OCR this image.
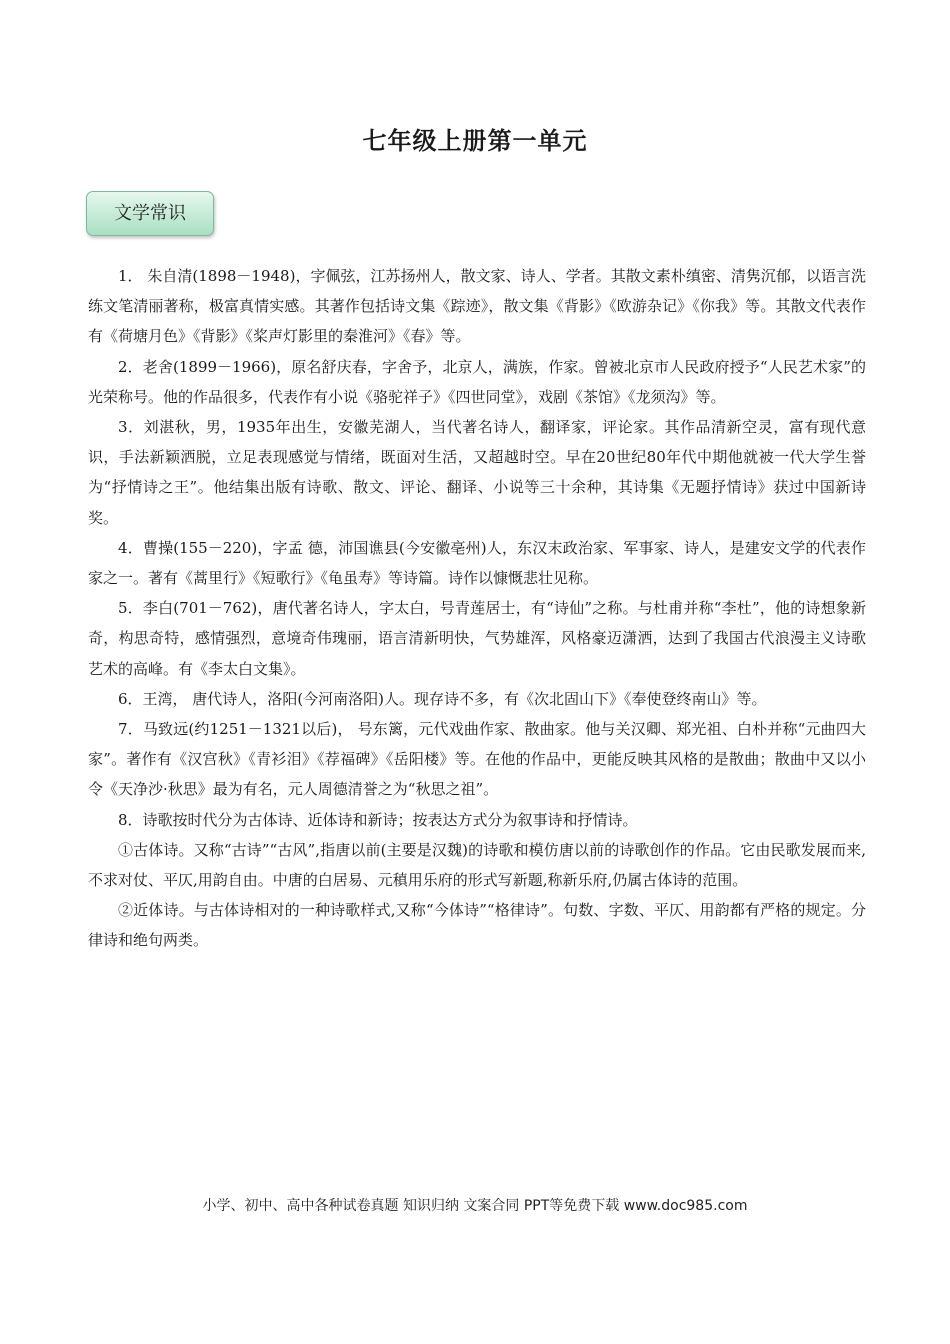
七年级上册第一单元
文学常识

1． 朱自清(1898－1948)，字佩弦，江苏扬州人，散文家、诗人、学者。其散文素朴缜密、清隽沉郁，以语言洗练文笔清丽著称，极富真情实感。其著作包括诗文集《踪迹》，散文集《背影》《欧游杂记》《你我》等。其散文代表作有《荷塘月色》《背影》《桨声灯影里的秦淮河》《春》等。

2．老舍(1899－1966)，原名舒庆春，字舍予，北京人，满族，作家。曾被北京市人民政府授予“人民艺术家”的光荣称号。他的作品很多，代表作有小说《骆驼祥子》《四世同堂》，戏剧《茶馆》《龙须沟》等。

3．刘湛秋，男，1935年出生，安徽芜湖人，当代著名诗人，翻译家，评论家。其作品清新空灵，富有现代意识，手法新颖洒脱，立足表现感觉与情绪，既面对生活，又超越时空。早在20世纪80年代中期他就被一代大学生誉为“抒情诗之王”。他结集出版有诗歌、散文、评论、翻译、小说等三十余种，其诗集《无题抒情诗》获过中国新诗奖。

4．曹操(155－220)，字孟 德，沛国谯县(今安徽亳州)人，东汉末政治家、军事家、诗人，是建安文学的代表作家之一。著有《蒿里行》《短歌行》《龟虽寿》等诗篇。诗作以慷慨悲壮见称。

5．李白(701－762)，唐代著名诗人，字太白，号青莲居士，有“诗仙”之称。与杜甫并称“李杜”，他的诗想象新奇，构思奇特，感情强烈，意境奇伟瑰丽，语言清新明快，气势雄浑，风格豪迈潇洒，达到了我国古代浪漫主义诗歌艺术的高峰。有《李太白文集》。

6．王湾， 唐代诗人，洛阳(今河南洛阳)人。现存诗不多，有《次北固山下》《奉使登终南山》等。

7．马致远(约1251－1321以后)， 号东篱，元代戏曲作家、散曲家。他与关汉卿、郑光祖、白朴并称“元曲四大家”。著作有《汉宫秋》《青衫泪》《荐福碑》《岳阳楼》等。在他的作品中，更能反映其风格的是散曲；散曲中又以小令《天净沙·秋思》最为有名，元人周德清誉之为“秋思之祖”。

8．诗歌按时代分为古体诗、近体诗和新诗；按表达方式分为叙事诗和抒情诗。

①古体诗。又称“古诗”“古风”,指唐以前(主要是汉魏)的诗歌和模仿唐以前的诗歌创作的作品。它由民歌发展而来,不求对仗、平仄,用韵自由。中唐的白居易、元稹用乐府的形式写新题,称新乐府,仍属古体诗的范围。

②近体诗。与古体诗相对的一种诗歌样式,又称“今体诗”“格律诗”。句数、字数、平仄、用韵都有严格的规定。分律诗和绝句两类。

小学、初中、高中各种试卷真题 知识归纳 文案合同 PPT等免费下载 www.doc985.com
